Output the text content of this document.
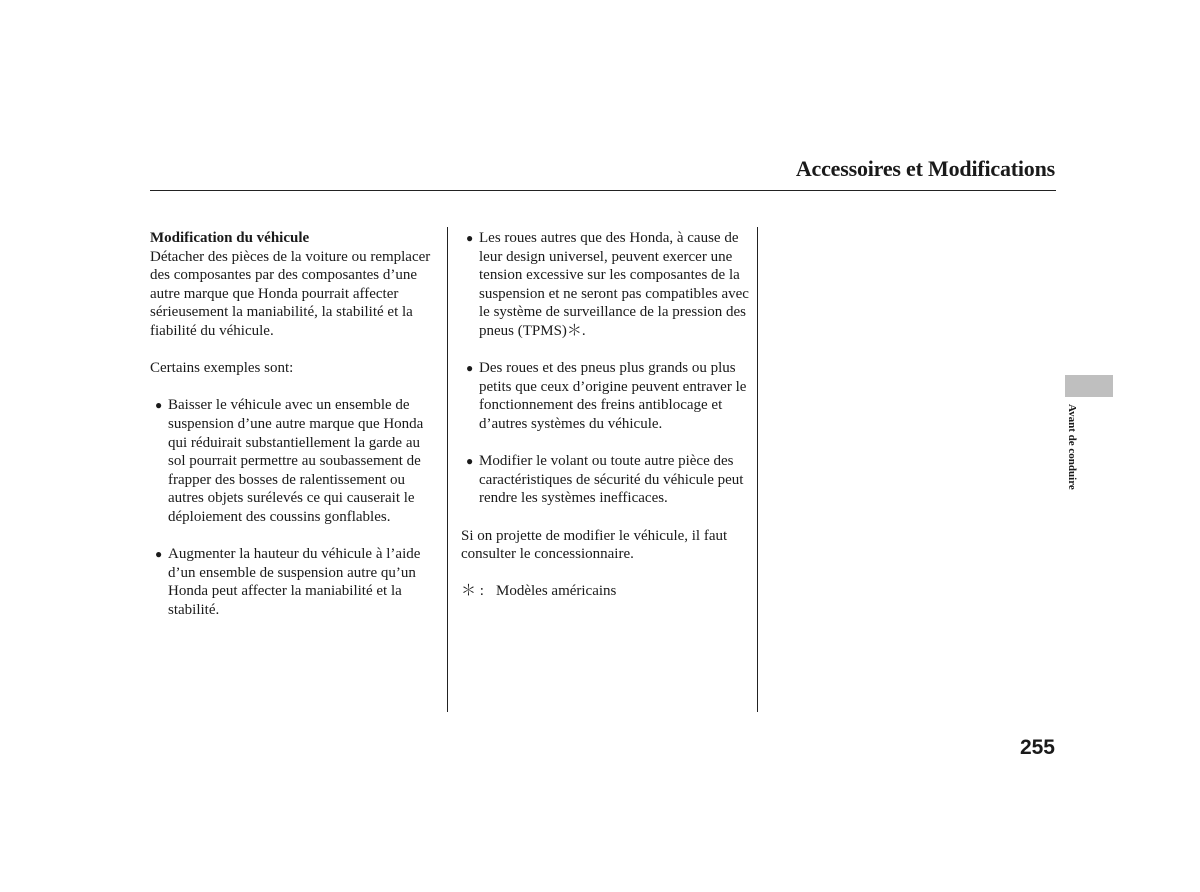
Accessoires et Modifications
Modification du véhicule

Détacher des pièces de la voiture ou remplacer des composantes par des composantes d’une autre marque que Honda pourrait affecter sérieusement la maniabilité, la stabilité et la fiabilité du véhicule.

Certains exemples sont:

● Baisser le véhicule avec un ensemble de suspension d’une autre marque que Honda qui réduirait substantiellement la garde au sol pourrait permettre au soubassement de frapper des bosses de ralentissement ou autres objets surélevés ce qui causerait le déploiement des coussins gonflables.
● Augmenter la hauteur du véhicule à l’aide d’un ensemble de suspension autre qu’un Honda peut affecter la maniabilité et la stabilité.
● Les roues autres que des Honda, à cause de leur design universel, peuvent exercer une tension excessive sur les composantes de la suspension et ne seront pas compatibles avec le système de surveillance de la pression des pneus (TPMS)＊.
● Des roues et des pneus plus grands ou plus petits que ceux d’origine peuvent entraver le fonctionnement des freins antiblocage et d’autres systèmes du véhicule.
● Modifier le volant ou toute autre pièce des caractéristiques de sécurité du véhicule peut rendre les systèmes inefficaces.

Si on projette de modifier le véhicule, il faut consulter le concessionnaire.

＊ : Modèles américains
Avant de conduire
255
